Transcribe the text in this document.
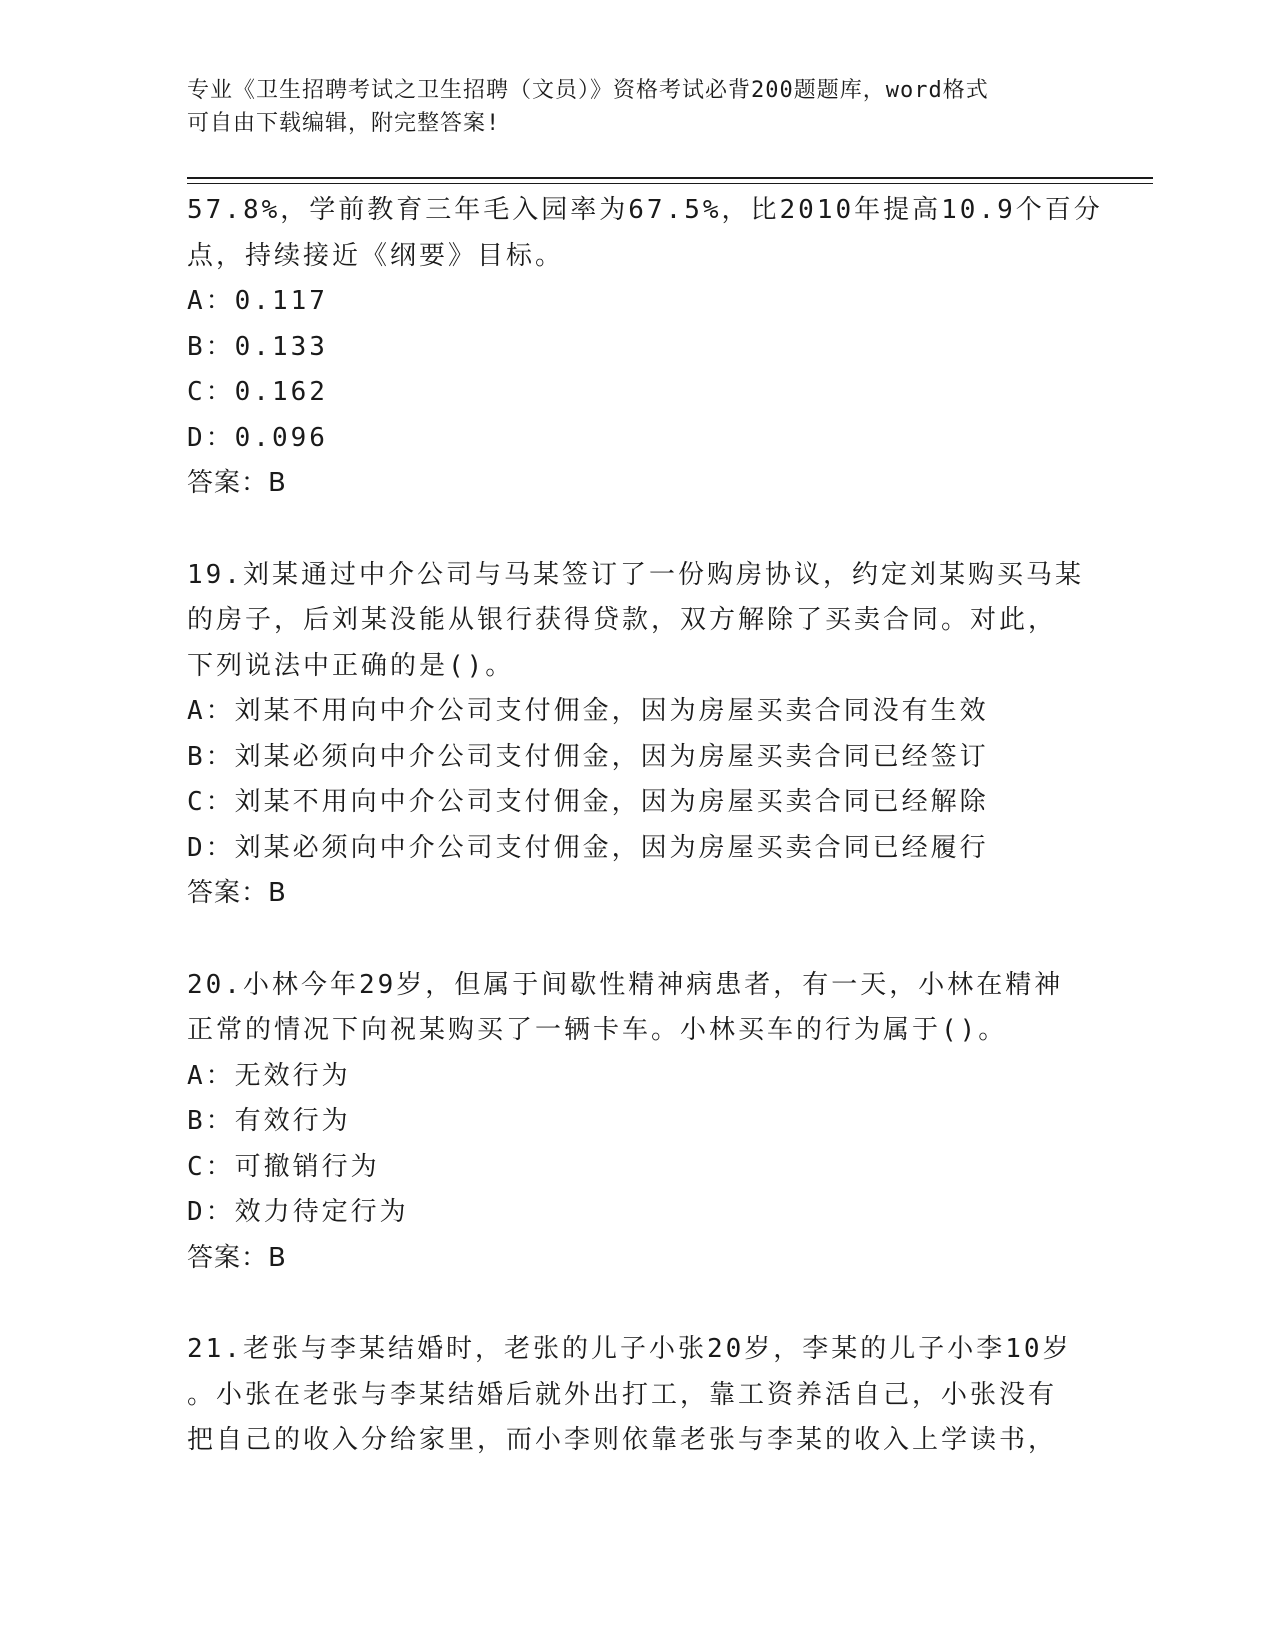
专业《卫生招聘考试之卫生招聘（文员）》资格考试必背200题题库，word格式
可自由下载编辑，附完整答案!
57.8%，学前教育三年毛入园率为67.5%，比2010年提高10.9个百分
点，持续接近《纲要》目标。
A：0.117
B：0.133
C：0.162
D：0.096
答案：B
19.刘某通过中介公司与马某签订了一份购房协议，约定刘某购买马某
的房子，后刘某没能从银行获得贷款，双方解除了买卖合同。对此，
下列说法中正确的是()。
A：刘某不用向中介公司支付佣金，因为房屋买卖合同没有生效
B：刘某必须向中介公司支付佣金，因为房屋买卖合同已经签订
C：刘某不用向中介公司支付佣金，因为房屋买卖合同已经解除
D：刘某必须向中介公司支付佣金，因为房屋买卖合同已经履行
答案：B
20.小林今年29岁，但属于间歇性精神病患者，有一天，小林在精神
正常的情况下向祝某购买了一辆卡车。小林买车的行为属于()。
A：无效行为
B：有效行为
C：可撤销行为
D：效力待定行为
答案：B
21.老张与李某结婚时，老张的儿子小张20岁，李某的儿子小李10岁
。小张在老张与李某结婚后就外出打工，靠工资养活自己，小张没有
把自己的收入分给家里，而小李则依靠老张与李某的收入上学读书，
